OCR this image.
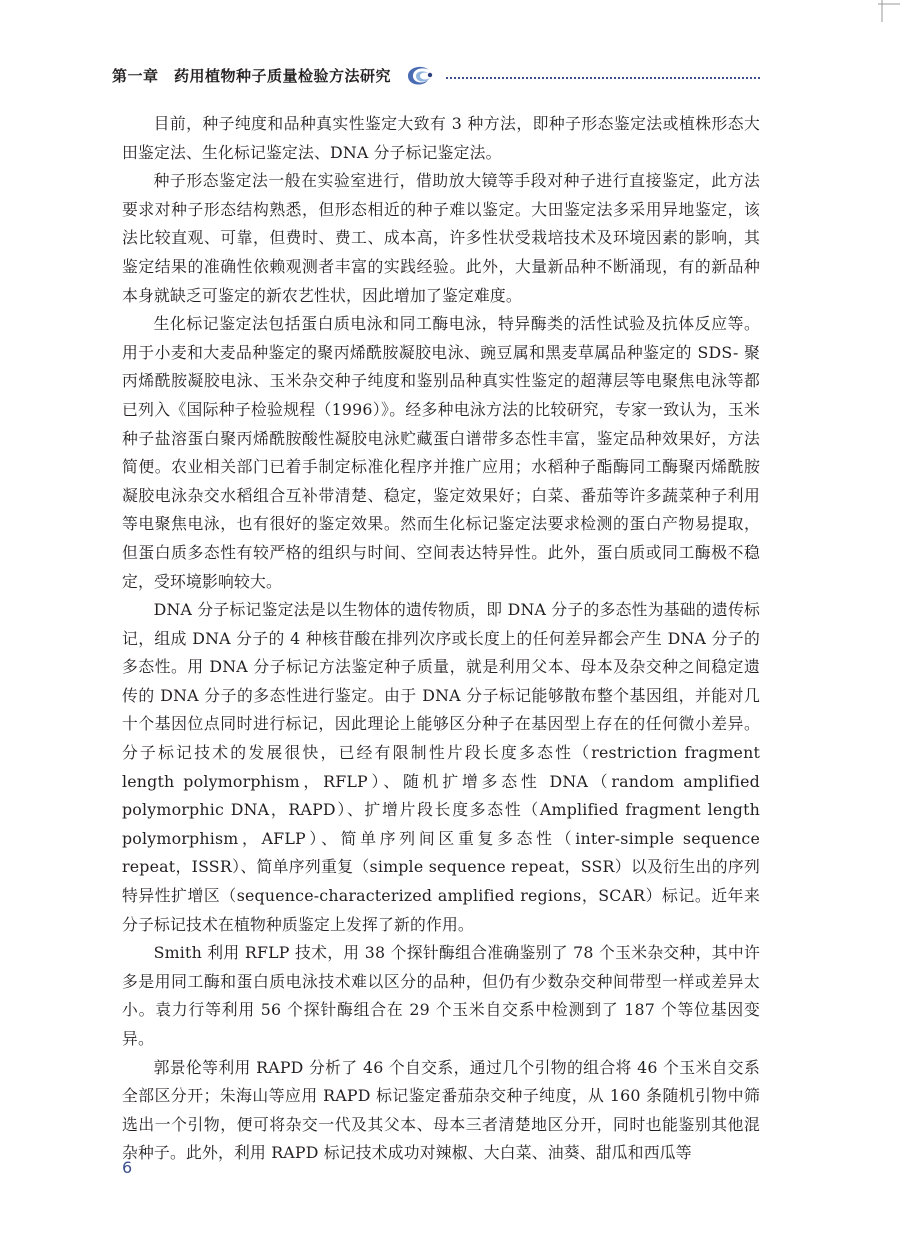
第一章　药用植物种子质量检验方法研究

目前，种子纯度和品种真实性鉴定大致有 3 种方法，即种子形态鉴定法或植株形态大田鉴定法、生化标记鉴定法、DNA 分子标记鉴定法。

种子形态鉴定法一般在实验室进行，借助放大镜等手段对种子进行直接鉴定，此方法要求对种子形态结构熟悉，但形态相近的种子难以鉴定。大田鉴定法多采用异地鉴定，该法比较直观、可靠，但费时、费工、成本高，许多性状受栽培技术及环境因素的影响，其鉴定结果的准确性依赖观测者丰富的实践经验。此外，大量新品种不断涌现，有的新品种本身就缺乏可鉴定的新农艺性状，因此增加了鉴定难度。

生化标记鉴定法包括蛋白质电泳和同工酶电泳，特异酶类的活性试验及抗体反应等。用于小麦和大麦品种鉴定的聚丙烯酰胺凝胶电泳、豌豆属和黑麦草属品种鉴定的 SDS- 聚丙烯酰胺凝胶电泳、玉米杂交种子纯度和鉴别品种真实性鉴定的超薄层等电聚焦电泳等都已列入《国际种子检验规程（1996）》。经多种电泳方法的比较研究，专家一致认为，玉米种子盐溶蛋白聚丙烯酰胺酸性凝胶电泳贮藏蛋白谱带多态性丰富，鉴定品种效果好，方法简便。农业相关部门已着手制定标准化程序并推广应用；水稻种子酯酶同工酶聚丙烯酰胺凝胶电泳杂交水稻组合互补带清楚、稳定，鉴定效果好；白菜、番茄等许多蔬菜种子利用等电聚焦电泳，也有很好的鉴定效果。然而生化标记鉴定法要求检测的蛋白产物易提取，但蛋白质多态性有较严格的组织与时间、空间表达特异性。此外，蛋白质或同工酶极不稳定，受环境影响较大。

DNA 分子标记鉴定法是以生物体的遗传物质，即 DNA 分子的多态性为基础的遗传标记，组成 DNA 分子的 4 种核苷酸在排列次序或长度上的任何差异都会产生 DNA 分子的多态性。用 DNA 分子标记方法鉴定种子质量，就是利用父本、母本及杂交种之间稳定遗传的 DNA 分子的多态性进行鉴定。由于 DNA 分子标记能够散布整个基因组，并能对几十个基因位点同时进行标记，因此理论上能够区分种子在基因型上存在的任何微小差异。分子标记技术的发展很快，已经有限制性片段长度多态性（restriction fragment length polymorphism，RFLP）、随机扩增多态性 DNA（random amplified polymorphic DNA，RAPD）、扩增片段长度多态性（Amplified fragment length polymorphism，AFLP）、简单序列间区重复多态性（inter-simple sequence repeat，ISSR）、简单序列重复（simple sequence repeat，SSR）以及衍生出的序列特异性扩增区（sequence-characterized amplified regions，SCAR）标记。近年来分子标记技术在植物种质鉴定上发挥了新的作用。

Smith 利用 RFLP 技术，用 38 个探针酶组合准确鉴别了 78 个玉米杂交种，其中许多是用同工酶和蛋白质电泳技术难以区分的品种，但仍有少数杂交种间带型一样或差异太小。袁力行等利用 56 个探针酶组合在 29 个玉米自交系中检测到了 187 个等位基因变异。

郭景伦等利用 RAPD 分析了 46 个自交系，通过几个引物的组合将 46 个玉米自交系全部区分开；朱海山等应用 RAPD 标记鉴定番茄杂交种子纯度，从 160 条随机引物中筛选出一个引物，便可将杂交一代及其父本、母本三者清楚地区分开，同时也能鉴别其他混杂种子。此外，利用 RAPD 标记技术成功对辣椒、大白菜、油葵、甜瓜和西瓜等

6
